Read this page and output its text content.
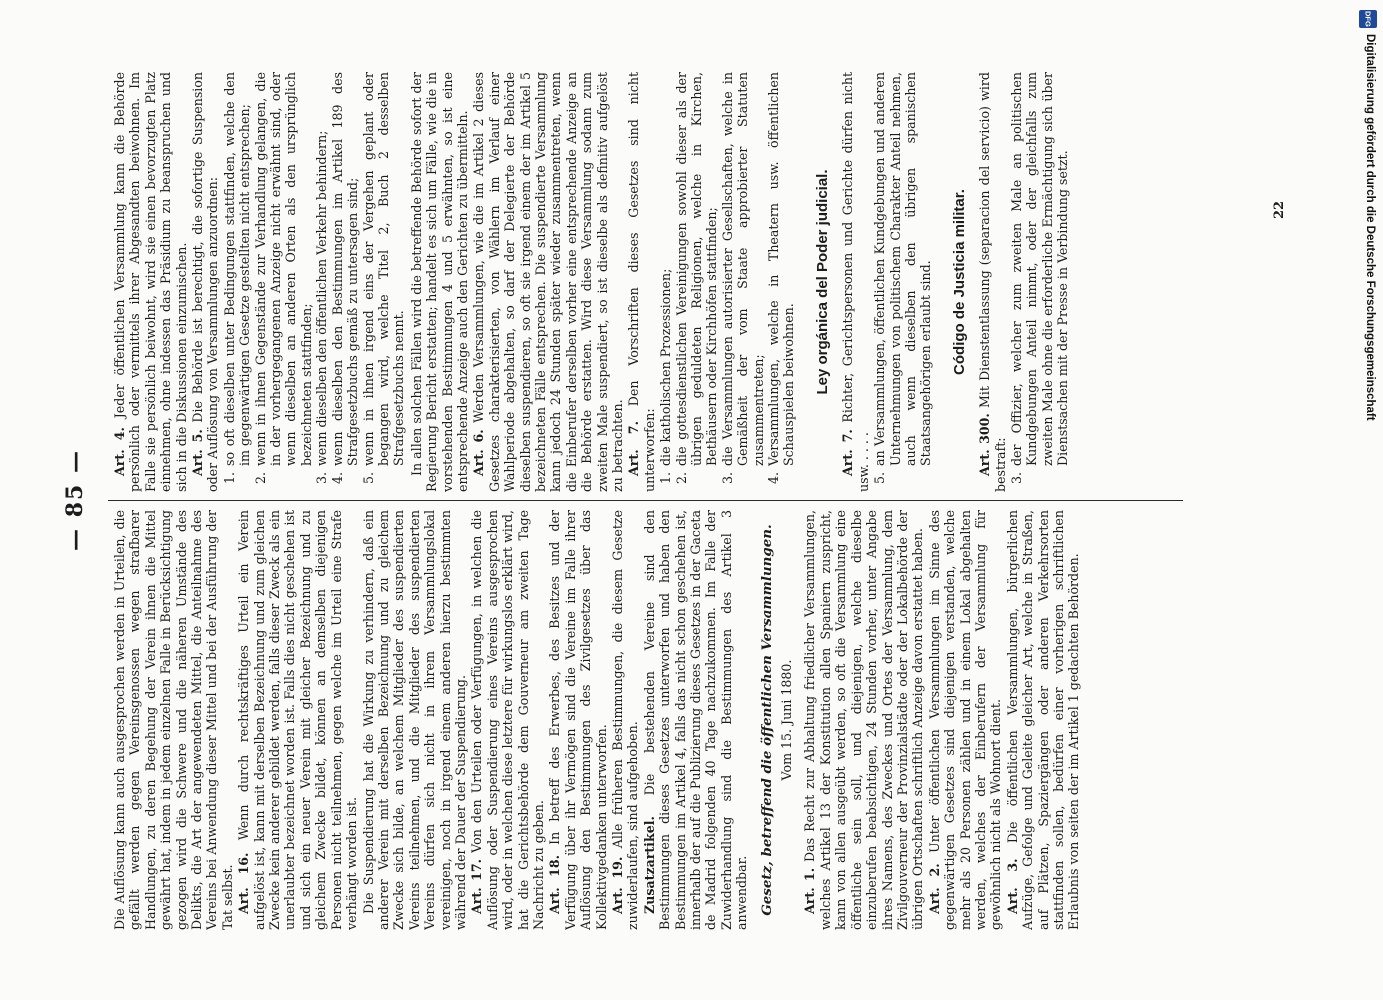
— 85 —

Die Auflösung kann auch ausgesprochen werden in Urteilen, die gefällt werden gegen Vereinsgenossen wegen strafbarer Handlungen, zu deren Begehung der Verein ihnen die Mittel gewährt hat, indem in jedem einzelnen Falle in Berücksichtigung gezogen wird die Schwere und die näheren Umstände des Delikts, die Art der angewendeten Mittel, die Anteilnahme des Vereins bei Anwendung dieser Mittel und bei der Ausführung der Tat selbst. Art. 16. Wenn durch rechtskräftiges Urteil ein Verein aufgelöst ist, kann mit derselben Bezeichnung und zum gleichen Zwecke kein anderer gebildet werden, falls dieser Zweck als ein unerlaubter bezeichnet worden ist. Falls dies nicht geschehen ist und sich ein neuer Verein mit gleicher Bezeichnung und zu gleichem Zwecke bildet, können an demselben diejenigen Personen nicht teilnehmen, gegen welche im Urteil eine Strafe verhängt worden ist. Die Suspendierung hat die Wirkung zu verhindern, daß ein anderer Verein mit derselben Bezeichnung und zu gleichem Zwecke sich bilde, an welchem Mitglieder des suspendierten Vereins teilnehmen, und die Mitglieder des suspendierten Vereins dürfen sich nicht in ihrem Versammlungslokal vereinigen, noch in irgend einem anderen hierzu bestimmten während der Dauer der Suspendierung. Art. 17. Von den Urteilen oder Verfügungen, in welchen die Auflösung oder Suspendierung eines Vereins ausgesprochen wird, oder in welchen diese letztere für wirkungslos erklärt wird, hat die Gerichtsbehörde dem Gouverneur am zweiten Tage Nachricht zu geben. Art. 18. In betreff des Erwerbes, des Besitzes und der Verfügung über ihr Vermögen sind die Vereine im Falle ihrer Auflösung den Bestimmungen des Zivilgesetzes über das Kollektivgedanken unterworfen. Art. 19. Alle früheren Bestimmungen, die diesem Gesetze zuwiderlaufen, sind aufgehoben. Zusatzartikel. Die bestehenden Vereine sind den Bestimmungen dieses Gesetzes unterworfen und haben den Bestimmungen im Artikel 4, falls das nicht schon geschehen ist, innerhalb der auf die Publizierung dieses Gesetzes in der Gaceta de Madrid folgenden 40 Tage nachzukommen. Im Falle der Zuwiderhandlung sind die Bestimmungen des Artikel 3 anwendbar. Gesetz, betreffend die öffentlichen Versammlungen. Vom 15. Juni 1880.

Art. 1. Das Recht zur Abhaltung friedlicher Versammlungen, welches Artikel 13 der Konstitution allen Spaniern zuspricht, kann von allen ausgeübt werden, so oft die Versammlung eine öffentliche sein soll, und diejenigen, welche dieselbe einzuberufen beabsichtigen, 24 Stunden vorher, unter Angabe ihres Namens, des Zweckes und Ortes der Versammlung, dem Zivilgouverneur der Provinzialstädte oder der Lokalbehörde der übrigen Ortschaften schriftlich Anzeige davon erstattet haben. Art. 2. Unter öffentlichen Versammlungen im Sinne des gegenwärtigen Gesetzes sind diejenigen verstanden, welche mehr als 20 Personen zählen und in einem Lokal abgehalten werden, welches der Einberufern der Versammlung für gewöhnlich nicht als Wohnort dient. Art. 3. Die öffentlichen Versammlungen, bürgerlichen Aufzüge, Gefolge und Geleite gleicher Art, welche in Straßen, auf Plätzen, Spaziergängen oder anderen Verkehrsorten stattfinden sollen, bedürfen einer vorherigen schriftlichen Erlaubnis von seiten der im Artikel 1 gedachten Behörden.

Art. 4. Jeder öffentlichen Versammlung kann die Behörde persönlich oder vermittels ihrer Abgesandten beiwohnen. Im Falle sie persönlich beiwohnt, wird sie einen bevorzugten Platz einnehmen, ohne indessen das Präsidium zu beanspruchen und sich in die Diskussionen einzumischen. Art. 5. Die Behörde ist berechtigt, die sofortige Suspension oder Auflösung von Versammlungen anzuordnen: 1. so oft dieselben unter Bedingungen stattfinden, welche den im gegenwärtigen Gesetze gestellten nicht entsprechen; 2. wenn in ihnen Gegenstände zur Verhandlung gelangen, die in der vorhergegangenen Anzeige nicht erwähnt sind, oder wenn dieselben an anderen Orten als den ursprünglich bezeichneten stattfinden; 3. wenn dieselben den öffentlichen Verkehr behindern; 4. wenn dieselben den Bestimmungen im Artikel 189 des Strafgesetzbuchs gemäß zu untersagen sind; 5. wenn in ihnen irgend eins der Vergehen geplant oder begangen wird, welche Titel 2, Buch 2 desselben Strafgesetzbuchs nennt. In allen solchen Fällen wird die betreffende Behörde sofort der Regierung Bericht erstatten; handelt es sich um Fälle, wie die in vorstehenden Bestimmungen 4 und 5 erwähnten, so ist eine entsprechende Anzeige auch den Gerichten zu übermitteln. Art. 6. Werden Versammlungen, wie die im Artikel 2 dieses Gesetzes charakterisierten, von Wählern im Verlauf einer Wahlperiode abgehalten, so darf der Delegierte der Behörde dieselben suspendieren, so oft sie irgend einem der im Artikel 5 bezeichneten Fälle entsprechen. Die suspendierte Versammlung kann jedoch 24 Stunden später wieder zusammentreten, wenn die Einberufer derselben vorher eine entsprechende Anzeige an die Behörde erstatten. Wird diese Versammlung sodann zum zweiten Male suspendiert, so ist dieselbe als definitiv aufgelöst zu betrachten. Art. 7. Den Vorschriften dieses Gesetzes sind nicht unterworfen: 1. die katholischen Prozessionen; 2. die gottesdienstlichen Vereinigungen sowohl dieser als der übrigen geduldeten Religionen, welche in Kirchen, Bethäusern oder Kirchhöfen stattfinden; 3. die Versammlungen autorisierter Gesellschaften, welche in Gemäßheit der vom Staate approbierter Statuten zusammentreten; 4. Versammlungen, welche in Theatern usw. öffentlichen Schauspielen beiwohnen. Ley orgánica del Poder judicial.

Art. 7. Richter, Gerichtspersonen und Gerichte dürfen nicht usw. . . . . 5. an Versammlungen, öffentlichen Kundgebungen und anderen Unternehmungen von politischem Charakter Anteil nehmen, auch wenn dieselben den übrigen spanischen Staatsangehörigen erlaubt sind. Código de Justicia militar.

Art. 300. Mit Dienstentlassung (separacion del servicio) wird bestraft: 3. der Offizier, welcher zum zweiten Male an politischen Kundgebungen Anteil nimmt, oder der gleichfalls zum zweiten Male ohne die erforderliche Ermächtigung sich über Dienstsachen mit der Presse in Verbindung setzt.	22
DFG
Digitalisierung gefördert durch die Deutsche Forschungsgemeinschaft
